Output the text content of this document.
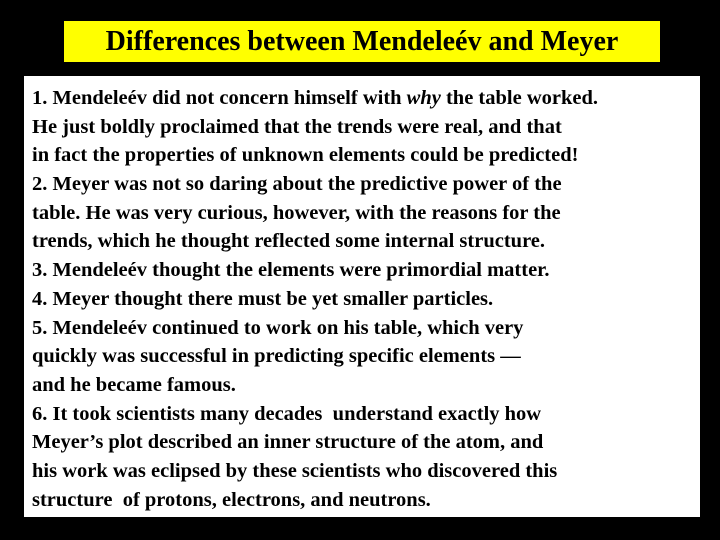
Differences between Mendeleév and Meyer
1. Mendeleév did not concern himself with why the table worked.
He just boldly proclaimed that the trends were real, and that
in fact the properties of unknown elements could be predicted!
2. Meyer was not so daring about the predictive power of the
table. He was very curious, however, with the reasons for the
trends, which he thought reflected some internal structure.
3. Mendeleév thought the elements were primordial matter.
4. Meyer thought there must be yet smaller particles.
5. Mendeleév continued to work on his table, which very
quickly was successful in predicting specific elements —
and he became famous.
6. It took scientists many decades  understand exactly how
Meyer’s plot described an inner structure of the atom, and
his work was eclipsed by these scientists who discovered this
structure  of protons, electrons, and neutrons.
